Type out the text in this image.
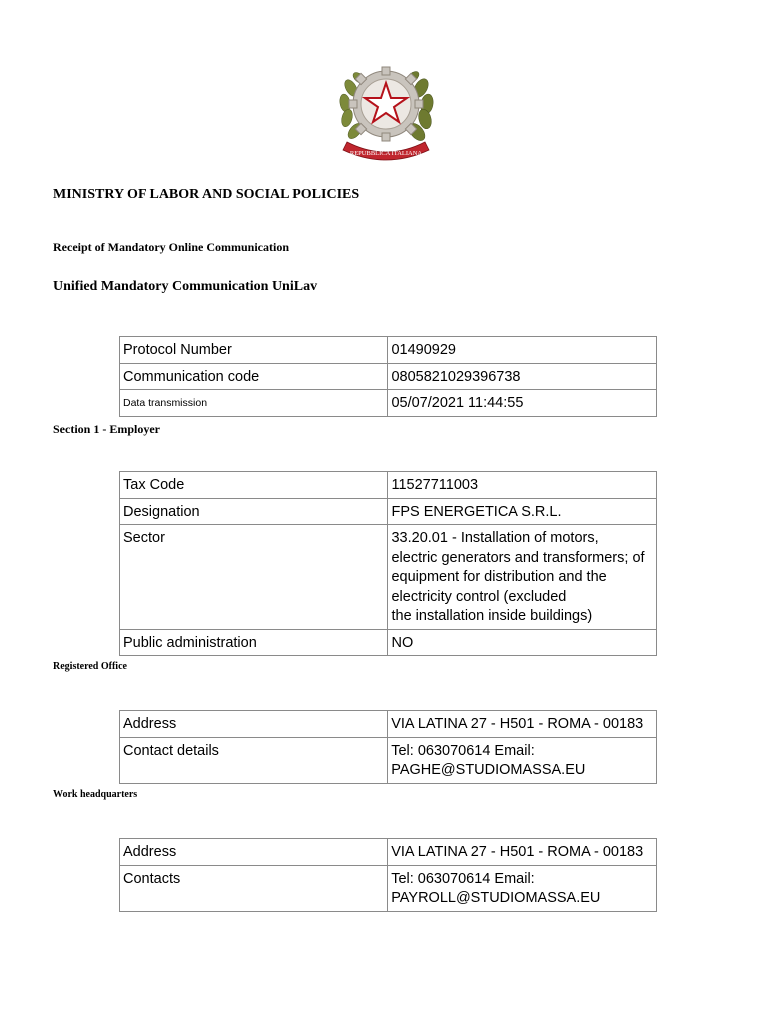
REPUBBLICA ITALIANA
MINISTRY OF LABOR AND SOCIAL POLICIES
Receipt of Mandatory Online Communication
Unified Mandatory Communication UniLav
Protocol Number	01490929
Communication code	0805821029396738
Data transmission	05/07/2021 11:44:55
Section 1 - Employer
Tax Code	11527711003
Designation	FPS ENERGETICA S.R.L.
Sector	33.20.01 - Installation of motors,
electric generators and transformers; of
equipment for distribution and the
electricity control (excluded
the installation inside buildings)
Public administration	NO
Registered Office
Address	VIA LATINA 27 - H501 - ROMA - 00183
Contact details	Tel: 063070614 Email:
PAGHE@STUDIOMASSA.EU
Work headquarters
Address	VIA LATINA 27 - H501 - ROMA - 00183
Contacts	Tel: 063070614 Email:
PAYROLL@STUDIOMASSA.EU
